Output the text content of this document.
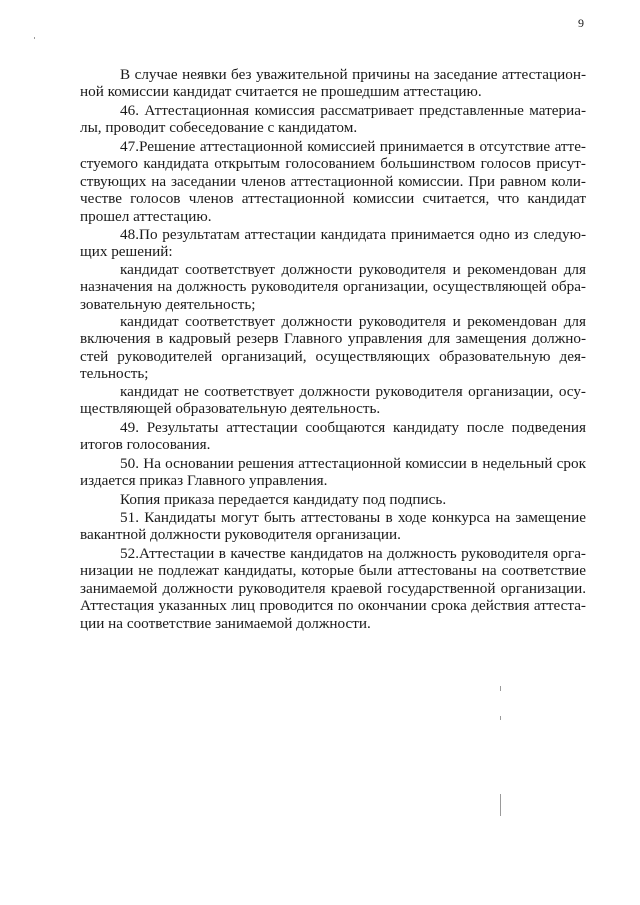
9
В случае неявки без уважительной причины на заседание аттестацион-
ной комиссии кандидат считается не прошедшим аттестацию.
46. Аттестационная комиссия рассматривает представленные материа-
лы, проводит собеседование с кандидатом.
47.Решение аттестационной комиссией принимается в отсутствие атте-
стуемого кандидата открытым голосованием большинством голосов присут-
ствующих на заседании членов аттестационной комиссии. При равном коли-
честве голосов членов аттестационной комиссии считается, что кандидат
прошел аттестацию.
48.По результатам аттестации кандидата принимается одно из следую-
щих решений:
кандидат соответствует должности руководителя и рекомендован для
назначения на должность руководителя организации, осуществляющей обра-
зовательную деятельность;
кандидат соответствует должности руководителя и рекомендован для
включения в кадровый резерв Главного управления для замещения должно-
стей руководителей организаций, осуществляющих образовательную дея-
тельность;
кандидат не соответствует должности руководителя организации, осу-
ществляющей образовательную деятельность.
49. Результаты аттестации сообщаются кандидату после подведения
итогов голосования.
50. На основании решения аттестационной комиссии в недельный срок
издается приказ Главного управления.
Копия приказа передается кандидату под подпись.
51. Кандидаты могут быть аттестованы в ходе конкурса на замещение
вакантной должности руководителя организации.
52.Аттестации в качестве кандидатов на должность руководителя орга-
низации не подлежат кандидаты, которые были аттестованы на соответствие
занимаемой должности руководителя краевой государственной организации.
Аттестация указанных лиц проводится по окончании срока действия аттеста-
ции на соответствие занимаемой должности.
